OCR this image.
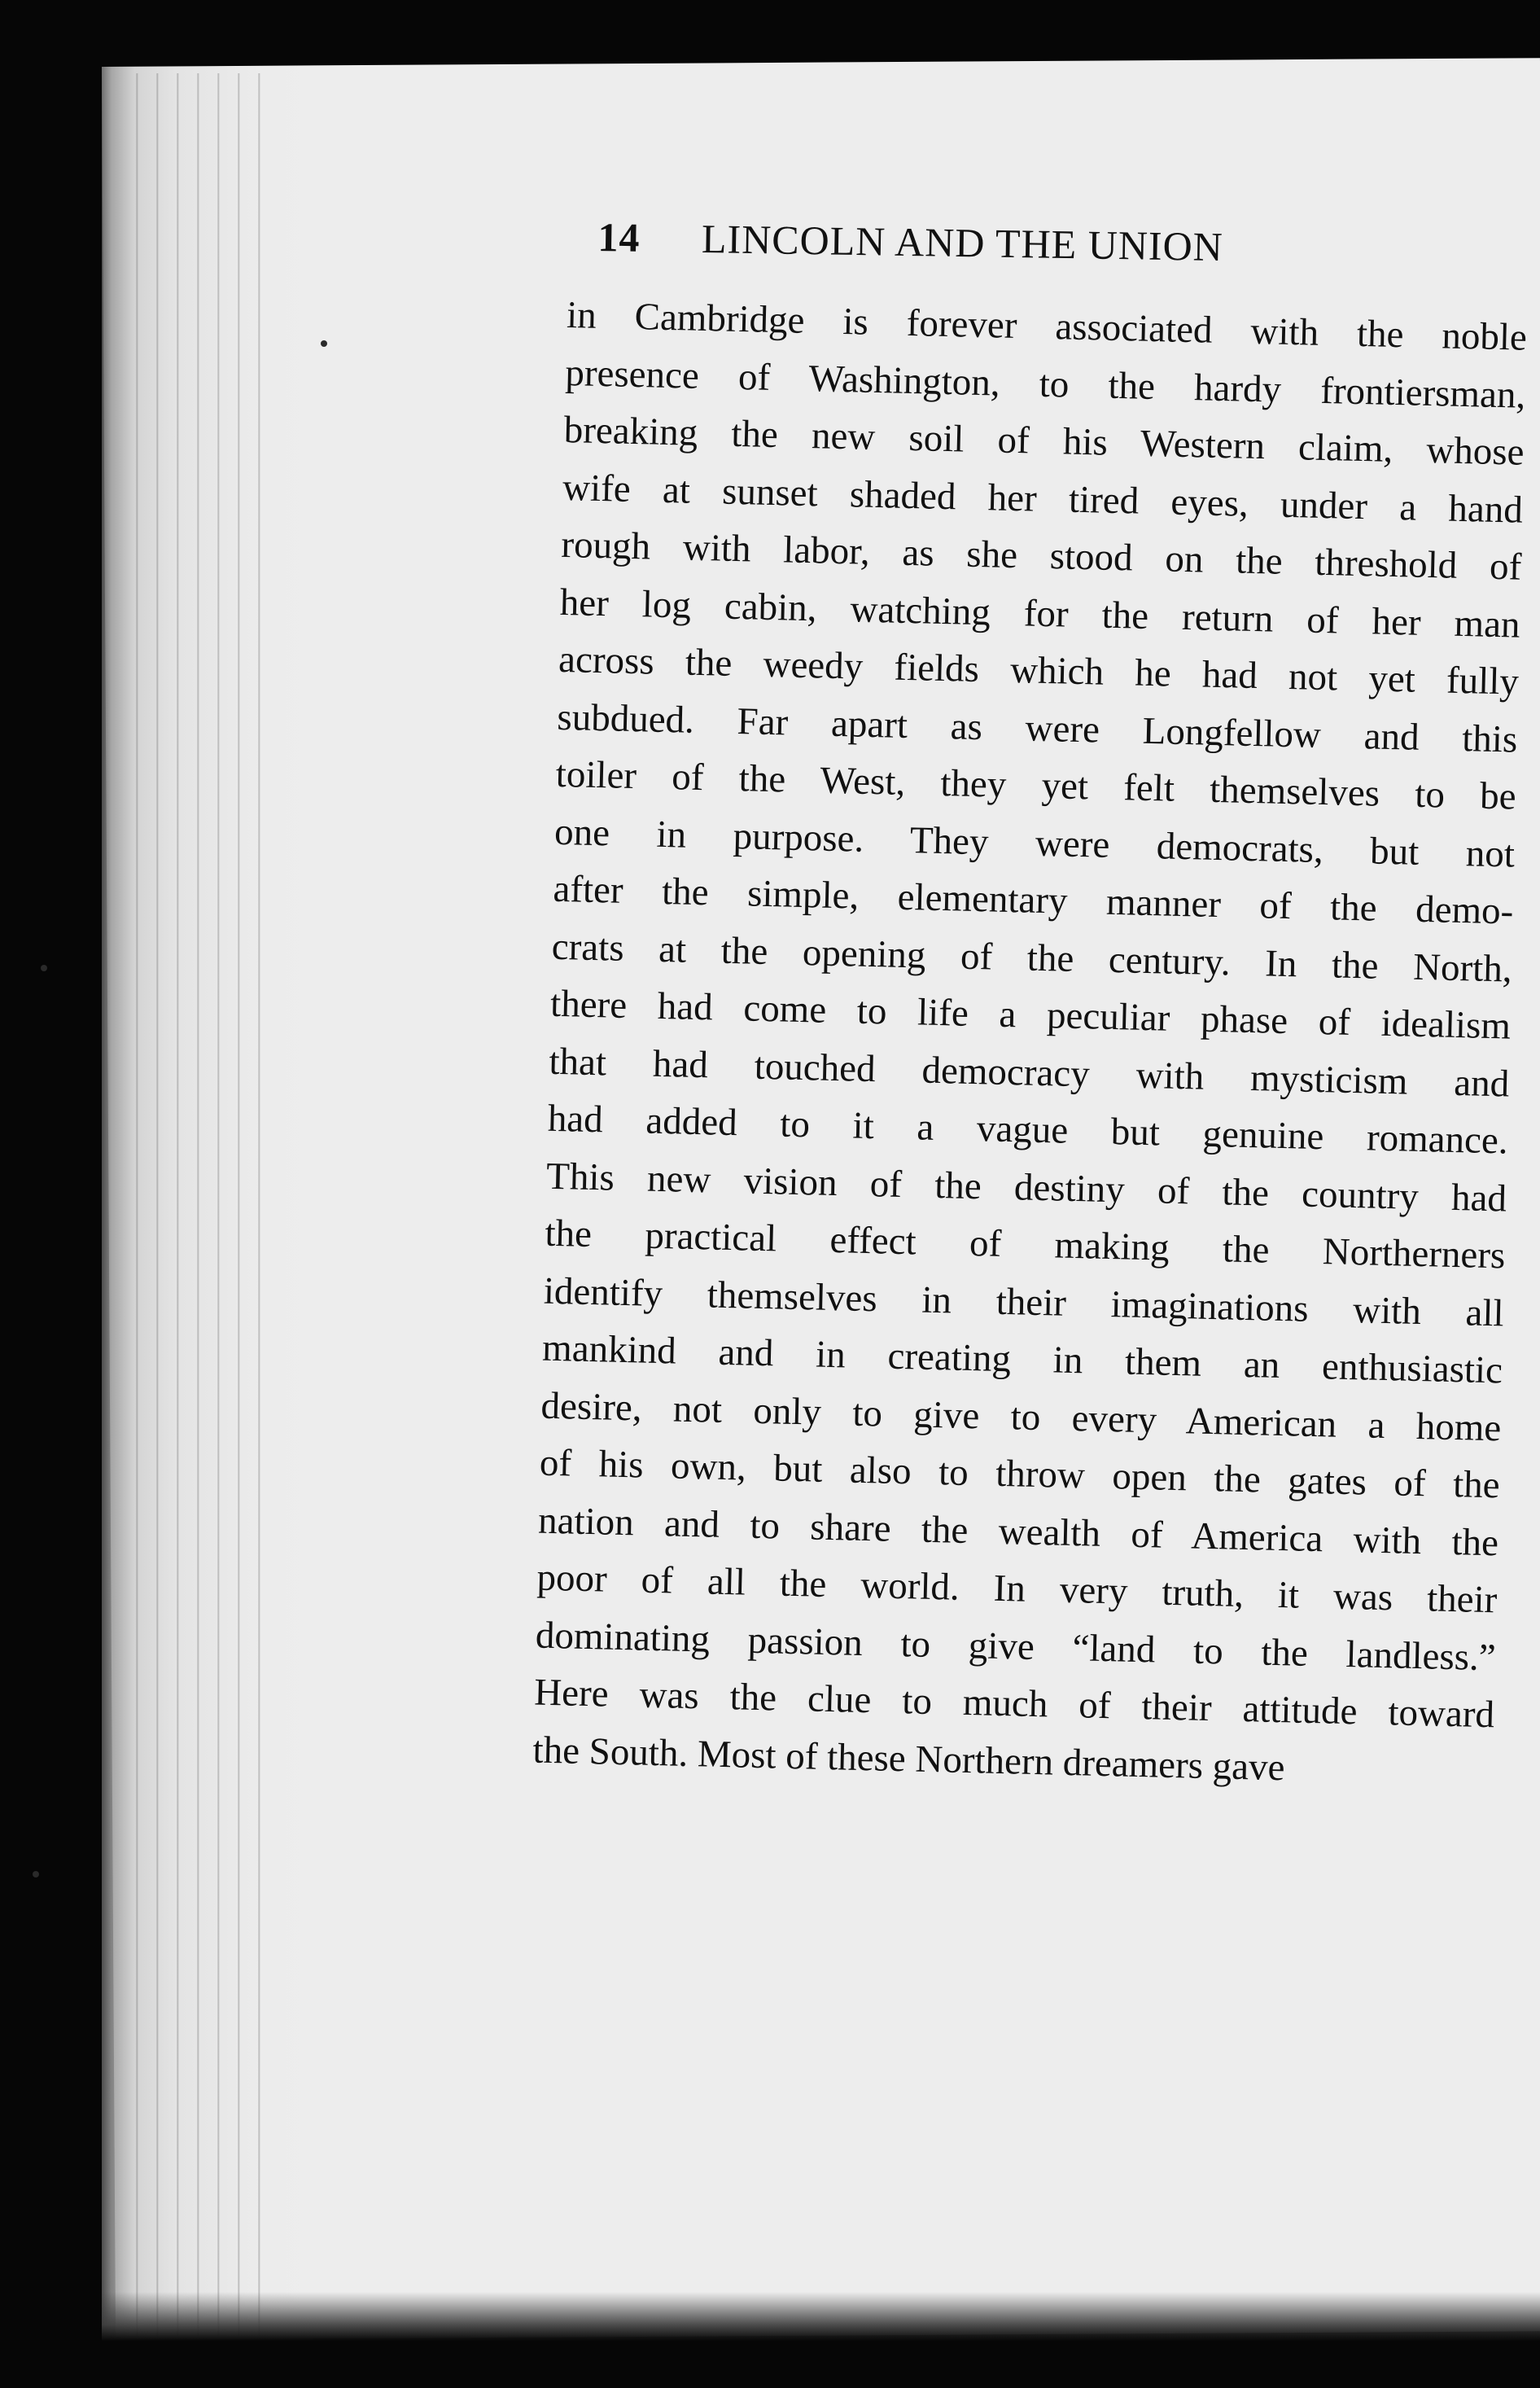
14 LINCOLN AND THE UNION
in Cambridge is forever associated with the noble
presence of Washington, to the hardy frontiersman,
breaking the new soil of his Western claim, whose
wife at sunset shaded her tired eyes, under a hand
rough with labor, as she stood on the threshold of
her log cabin, watching for the return of her man
across the weedy fields which he had not yet fully
subdued. Far apart as were Longfellow and this
toiler of the West, they yet felt themselves to be
one in purpose. They were democrats, but not
after the simple, elementary manner of the demo-
crats at the opening of the century. In the North,
there had come to life a peculiar phase of idealism
that had touched democracy with mysticism and
had added to it a vague but genuine romance.
This new vision of the destiny of the country had
the practical effect of making the Northerners
identify themselves in their imaginations with all
mankind and in creating in them an enthusiastic
desire, not only to give to every American a home
of his own, but also to throw open the gates of the
nation and to share the wealth of America with the
poor of all the world. In very truth, it was their
dominating passion to give “land to the landless.”
Here was the clue to much of their attitude toward
the South. Most of these Northern dreamers gave
